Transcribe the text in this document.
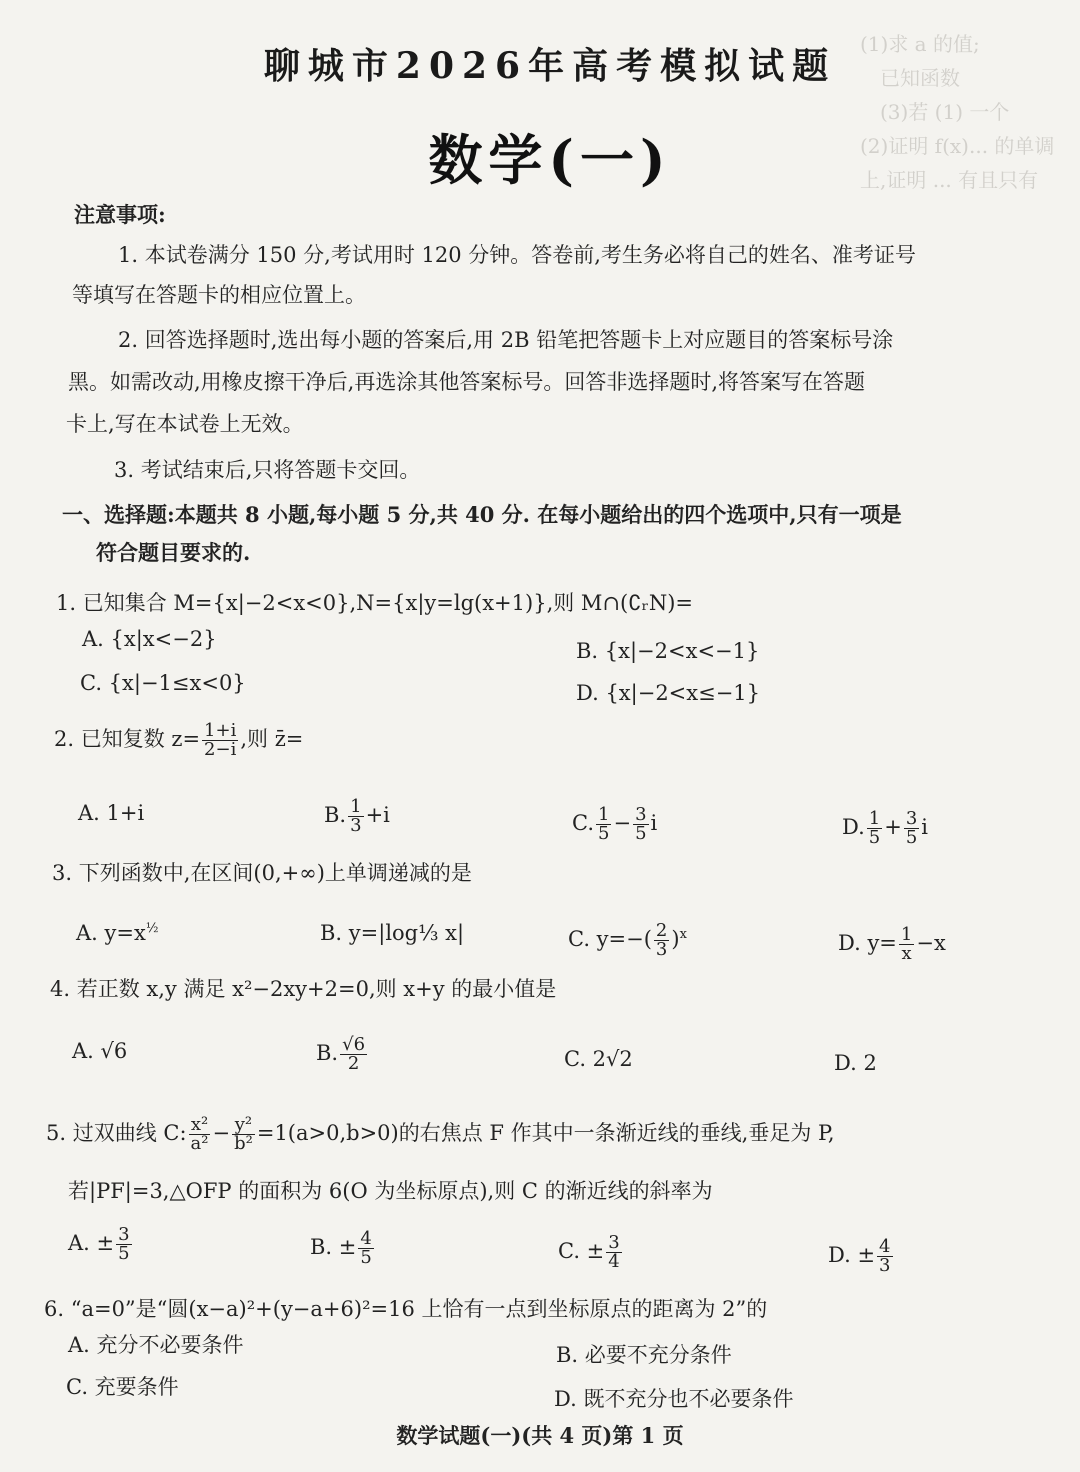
(1)求 a 的值;
已知函数
(3)若 (1) 一个
(2)证明 f(x)... 的单调
上,证明 ... 有且只有
聊城市2026年高考模拟试题
数学(一)
注意事项:
1. 本试卷满分 150 分,考试用时 120 分钟。答卷前,考生务必将自己的姓名、准考证号
等填写在答题卡的相应位置上。
2. 回答选择题时,选出每小题的答案后,用 2B 铅笔把答题卡上对应题目的答案标号涂
黑。如需改动,用橡皮擦干净后,再选涂其他答案标号。回答非选择题时,将答案写在答题
卡上,写在本试卷上无效。
3. 考试结束后,只将答题卡交回。
一、选择题:本题共 8 小题,每小题 5 分,共 40 分. 在每小题给出的四个选项中,只有一项是
符合题目要求的.
1. 已知集合 M={x|−2<x<0},N={x|y=lg(x+1)},则 M∩(∁ᵣN)=
A. {x|x<−2}	B. {x|−2<x<−1}
C. {x|−1≤x<0}	D. {x|−2<x≤−1}
2. 已知复数 $z= \frac{1+i}{2-i}$ ,则 z̄=
A. 1+i	B. $\frac{1}{3} +i$	C. $\frac{1}{5} - \frac{3}{5}$ i	D. $\frac{1}{5} + \frac{3}{5}$ i
3. 下列函数中,在区间(0,+∞)上单调递减的是
A. $y=x^{\frac{1}{2}}$	B. y=|log⅓ x|	C. $y=-( \frac{2}{3} )^x$	D. $y= \frac{1}{x} -x$
4. 若正数 x,y 满足 x²−2xy+2=0,则 x+y 的最小值是
A. √6	B. $\frac{√6}{2}$	C. 2√2	D. 2
5. 过双曲线 C: $\frac{\text{x²}}{\text{a²}} - \frac{\text{y²}}{\text{b²}} =1(a>0,b>0)$的右焦点 F 作其中一条渐近线的垂线,垂足为 P,
若|PF|=3,△OFP 的面积为 6(O 为坐标原点),则 C 的渐近线的斜率为
A. ± $\frac{3}{5}$	B. ± $\frac{4}{5}$	C. ± $\frac{3}{4}$	D. ± $\frac{4}{3}$
6. “a=0”是“圆(x−a)²+(y−a+6)²=16 上恰有一点到坐标原点的距离为 2”的
A. 充分不必要条件	B. 必要不充分条件
C. 充要条件	D. 既不充分也不必要条件
数学试题(一)(共 4 页)第 1 页
